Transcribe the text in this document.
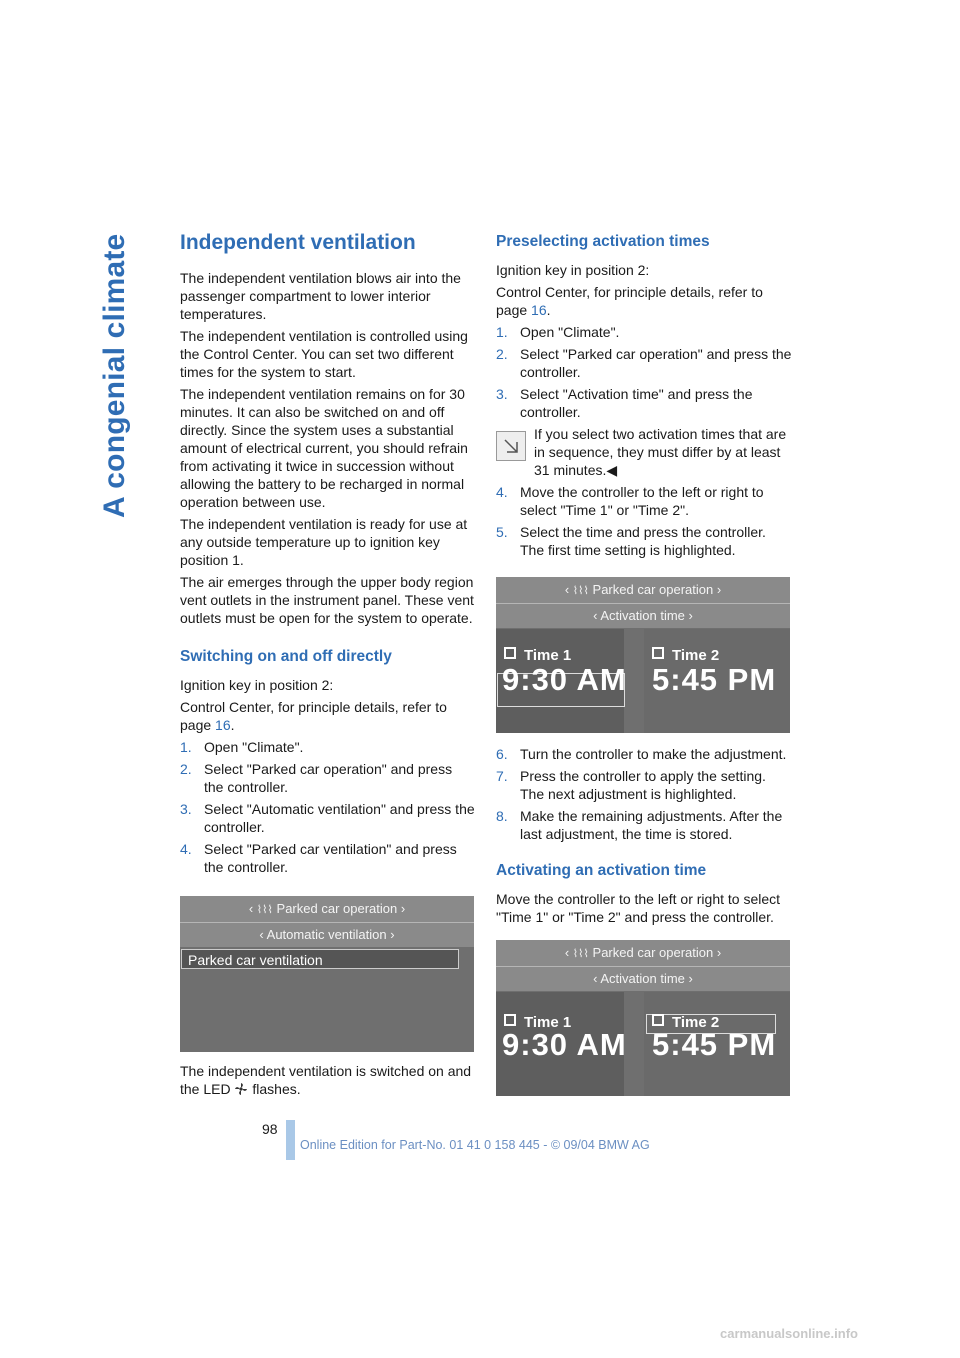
A congenial climate Independent ventilation

The independent ventilation blows air into the passenger compartment to lower interior temperatures.

The independent ventilation is controlled using the Control Center. You can set two different times for the system to start.

The independent ventilation remains on for 30 minutes. It can also be switched on and off directly. Since the system uses a substantial amount of electrical current, you should refrain from activating it twice in succession without allowing the battery to be recharged in normal operation between use.

The independent ventilation is ready for use at any outside temperature up to ignition key position 1.

The air emerges through the upper body region vent outlets in the instrument panel. These vent outlets must be open for the system to operate.

Switching on and off directly

Ignition key in position 2:

Control Center, for principle details, refer to page 16.

1. Open "Climate".
2. Select "Parked car operation" and press the controller.
3. Select "Automatic ventilation" and press the controller.
4. Select "Parked car ventilation" and press the controller.
‹ ⌇⌇⌇ Parked car operation ›
‹ Automatic ventilation ›
Parked car ventilation

The independent ventilation is switched on and the LED  flashes.

Preselecting activation times

Ignition key in position 2:

Control Center, for principle details, refer to page 16.

1. Open "Climate".
2. Select "Parked car operation" and press the controller.
3. Select "Activation time" and press the controller.
If you select two activation times that are in sequence, they must differ by at least 31 minutes.◀
4. Move the controller to the left or right to select "Time 1" or "Time 2".
5. Select the time and press the controller. The first time setting is highlighted.
‹ ⌇⌇⌇ Parked car operation ›
‹ Activation time ›
Time 1
9:30 AM
Time 2
5:45 PM
6. Turn the controller to make the adjustment.
7. Press the controller to apply the setting. The next adjustment is highlighted.
8. Make the remaining adjustments. After the last adjustment, the time is stored.
Activating an activation time

Move the controller to the left or right to select "Time 1" or "Time 2" and press the controller.

‹ ⌇⌇⌇ Parked car operation ›
‹ Activation time ›
Time 1
9:30 AM
Time 2
5:45 PM
98
Online Edition for Part-No. 01 41 0 158 445 - © 09/04 BMW AG
carmanualsonline.info
